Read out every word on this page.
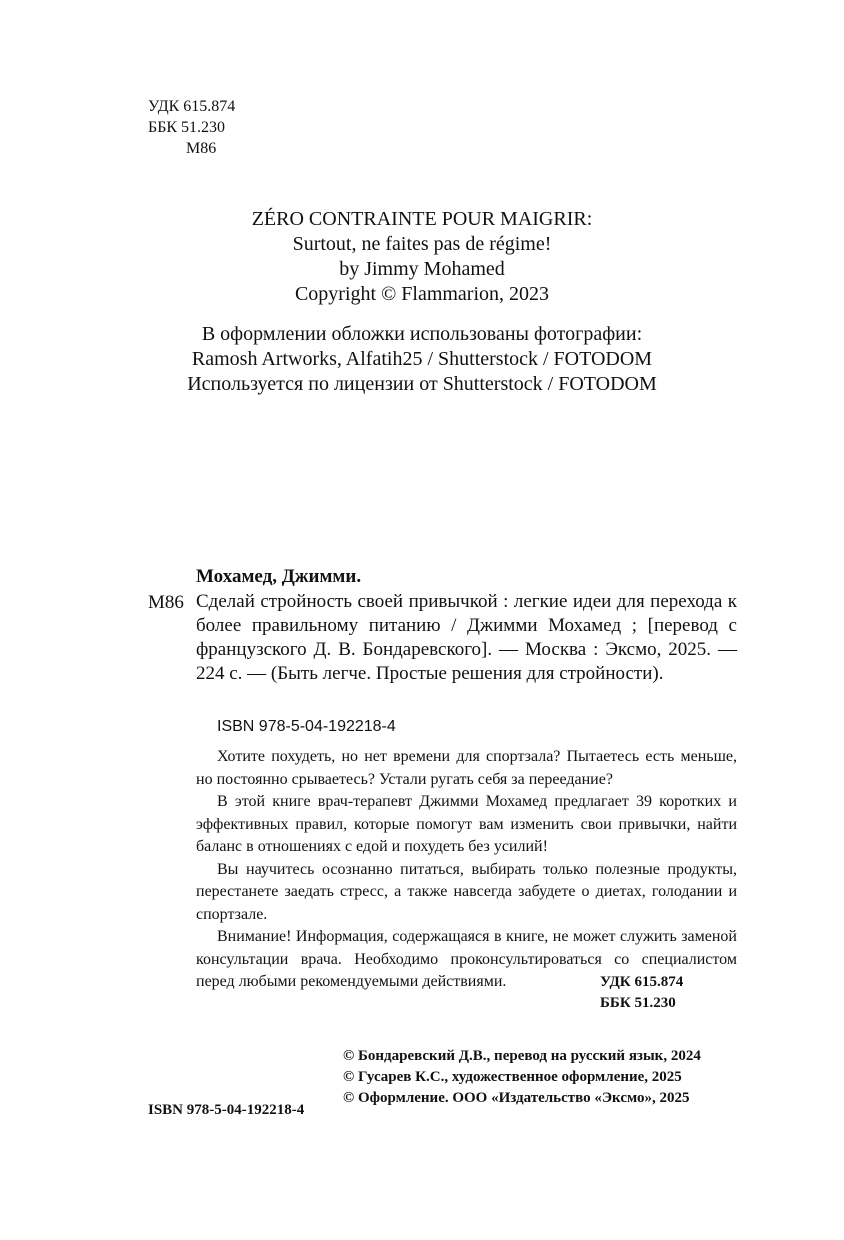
УДК 615.874
ББК 51.230
М86
ZÉRO CONTRAINTE POUR MAIGRIR:
Surtout, ne faites pas de régime!
by Jimmy Mohamed
Copyright © Flammarion, 2023
В оформлении обложки использованы фотографии:
Ramosh Artworks, Alfatih25 / Shutterstock / FOTODOM
Используется по лицензии от Shutterstock / FOTODOM
Мохамед, Джимми.
М86 Сделай стройность своей привычкой : легкие идеи для перехода к более правильному питанию / Джимми Мохамед ; [перевод с французского Д. В. Бондаревского]. — Москва : Эксмо, 2025. — 224 с. — (Быть легче. Простые решения для стройности).
ISBN 978-5-04-192218-4

Хотите похудеть, но нет времени для спортзала? Пытаетесь есть меньше, но постоянно срываетесь? Устали ругать себя за переедание?

В этой книге врач-терапевт Джимми Мохамед предлагает 39 коротких и эффективных правил, которые помогут вам изменить свои привычки, найти баланс в отношениях с едой и похудеть без усилий!

Вы научитесь осознанно питаться, выбирать только полезные продукты, перестанете заедать стресс, а также навсегда забудете о диетах, голодании и спортзале.

Внимание! Информация, содержащаяся в книге, не может служить заменой консультации врача. Необходимо проконсультироваться со специалистом перед любыми рекомендуемыми действиями.	УДК 615.874
ББК 51.230
© Бондаревский Д.В., перевод на русский язык, 2024
© Гусарев К.С., художественное оформление, 2025
© Оформление. ООО «Издательство «Эксмо», 2025
ISBN 978-5-04-192218-4
